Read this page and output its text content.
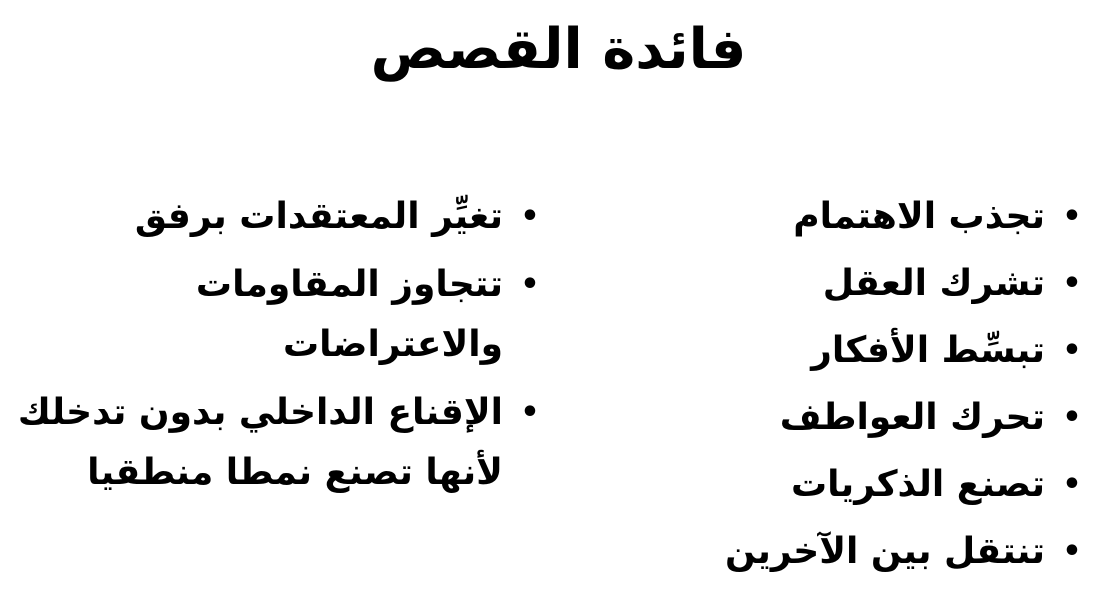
فائدة القصص
•
تجذب الاهتمام
•
تشرك العقل
•
تبسِّط الأفكار
•
تحرك العواطف
•
تصنع الذكريات
•
تنتقل بين الآخرين
•
تغيِّر المعتقدات برفق
•
تتجاوز المقاومات والاعتراضات
•
الإقناع الداخلي بدون تدخلك لأنها تصنع نمطا منطقيا
